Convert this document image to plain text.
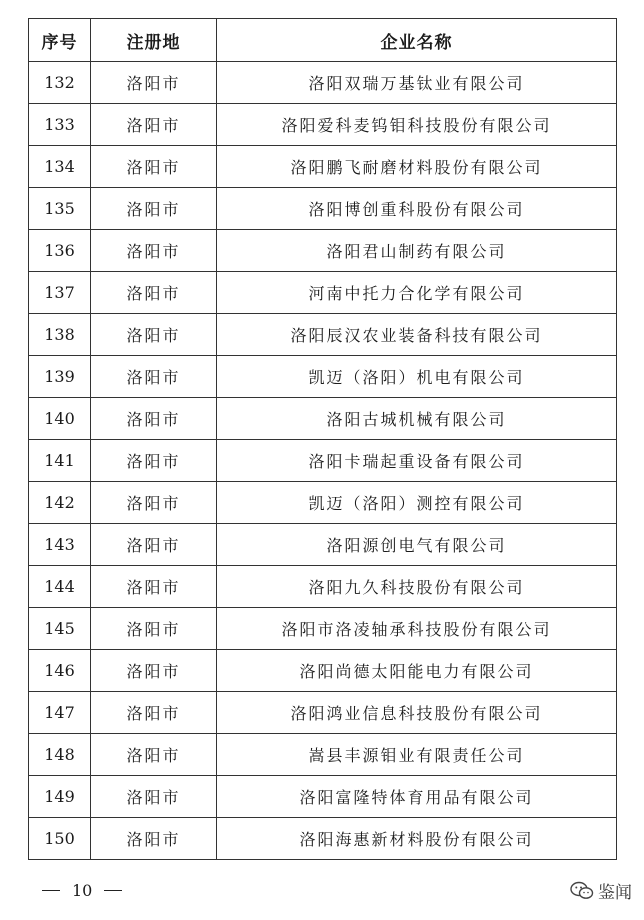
序号	注册地	企业名称
132	洛阳市	洛阳双瑞万基钛业有限公司
133	洛阳市	洛阳爱科麦钨钼科技股份有限公司
134	洛阳市	洛阳鹏飞耐磨材料股份有限公司
135	洛阳市	洛阳博创重科股份有限公司
136	洛阳市	洛阳君山制药有限公司
137	洛阳市	河南中托力合化学有限公司
138	洛阳市	洛阳辰汉农业装备科技有限公司
139	洛阳市	凯迈（洛阳）机电有限公司
140	洛阳市	洛阳古城机械有限公司
141	洛阳市	洛阳卡瑞起重设备有限公司
142	洛阳市	凯迈（洛阳）测控有限公司
143	洛阳市	洛阳源创电气有限公司
144	洛阳市	洛阳九久科技股份有限公司
145	洛阳市	洛阳市洛凌轴承科技股份有限公司
146	洛阳市	洛阳尚德太阳能电力有限公司
147	洛阳市	洛阳鸿业信息科技股份有限公司
148	洛阳市	嵩县丰源钼业有限责任公司
149	洛阳市	洛阳富隆特体育用品有限公司
150	洛阳市	洛阳海惠新材料股份有限公司
10	鉴闻
